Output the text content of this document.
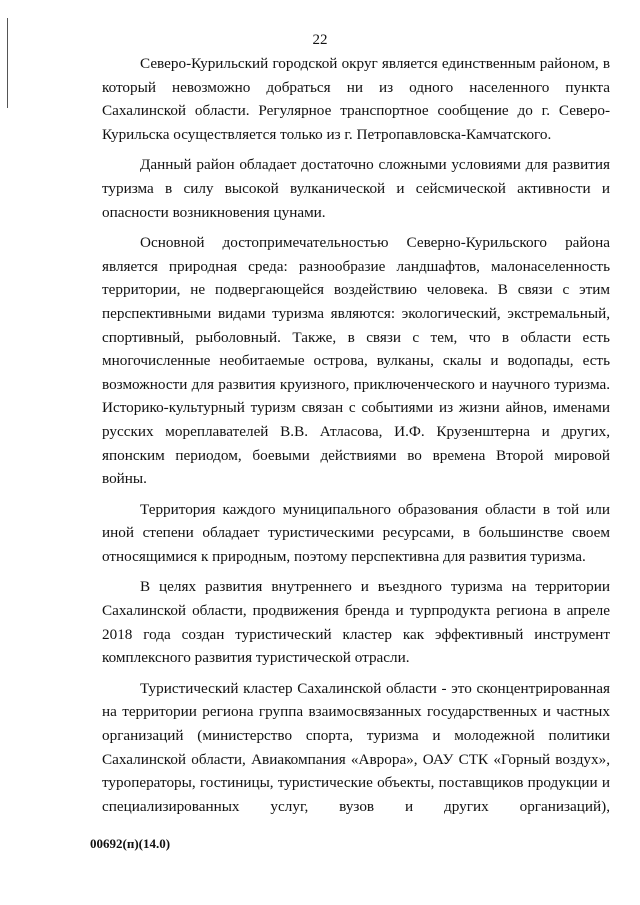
22

Северо-Курильский городской округ является единственным районом, в который невозможно добраться ни из одного населенного пункта Сахалинской области. Регулярное транспортное сообщение до г. Северо-Курильска осуществляется только из г. Петропавловска-Камчатского.

Данный район обладает достаточно сложными условиями для развития туризма в силу высокой вулканической и сейсмической активности и опасности возникновения цунами.

Основной достопримечательностью Северно-Курильского района является природная среда: разнообразие ландшафтов, малонаселенность территории, не подвергающейся воздействию человека. В связи с этим перспективными видами туризма являются: экологический, экстремальный, спортивный, рыболовный. Также, в связи с тем, что в области есть многочисленные необитаемые острова, вулканы, скалы и водопады, есть возможности для развития круизного, приключенческого и научного туризма. Историко-культурный туризм связан с событиями из жизни айнов, именами русских мореплавателей В.В. Атласова, И.Ф. Крузенштерна и других, японским периодом, боевыми действиями во времена Второй мировой войны.

Территория каждого муниципального образования области в той или иной степени обладает туристическими ресурсами, в большинстве своем относящимися к природным, поэтому перспективна для развития туризма.

В целях развития внутреннего и въездного туризма на территории Сахалинской области, продвижения бренда и турпродукта региона в апреле 2018 года создан туристический кластер как эффективный инструмент комплексного развития туристической отрасли.

Туристический кластер Сахалинской области - это сконцентрированная на территории региона группа взаимосвязанных государственных и частных организаций (министерство спорта, туризма и молодежной политики Сахалинской области, Авиакомпания «Аврора», ОАУ СТК «Горный воздух», туроператоры, гостиницы, туристические объекты, поставщиков продукции и специализированных услуг, вузов и других организаций),

00692(п)(14.0)
